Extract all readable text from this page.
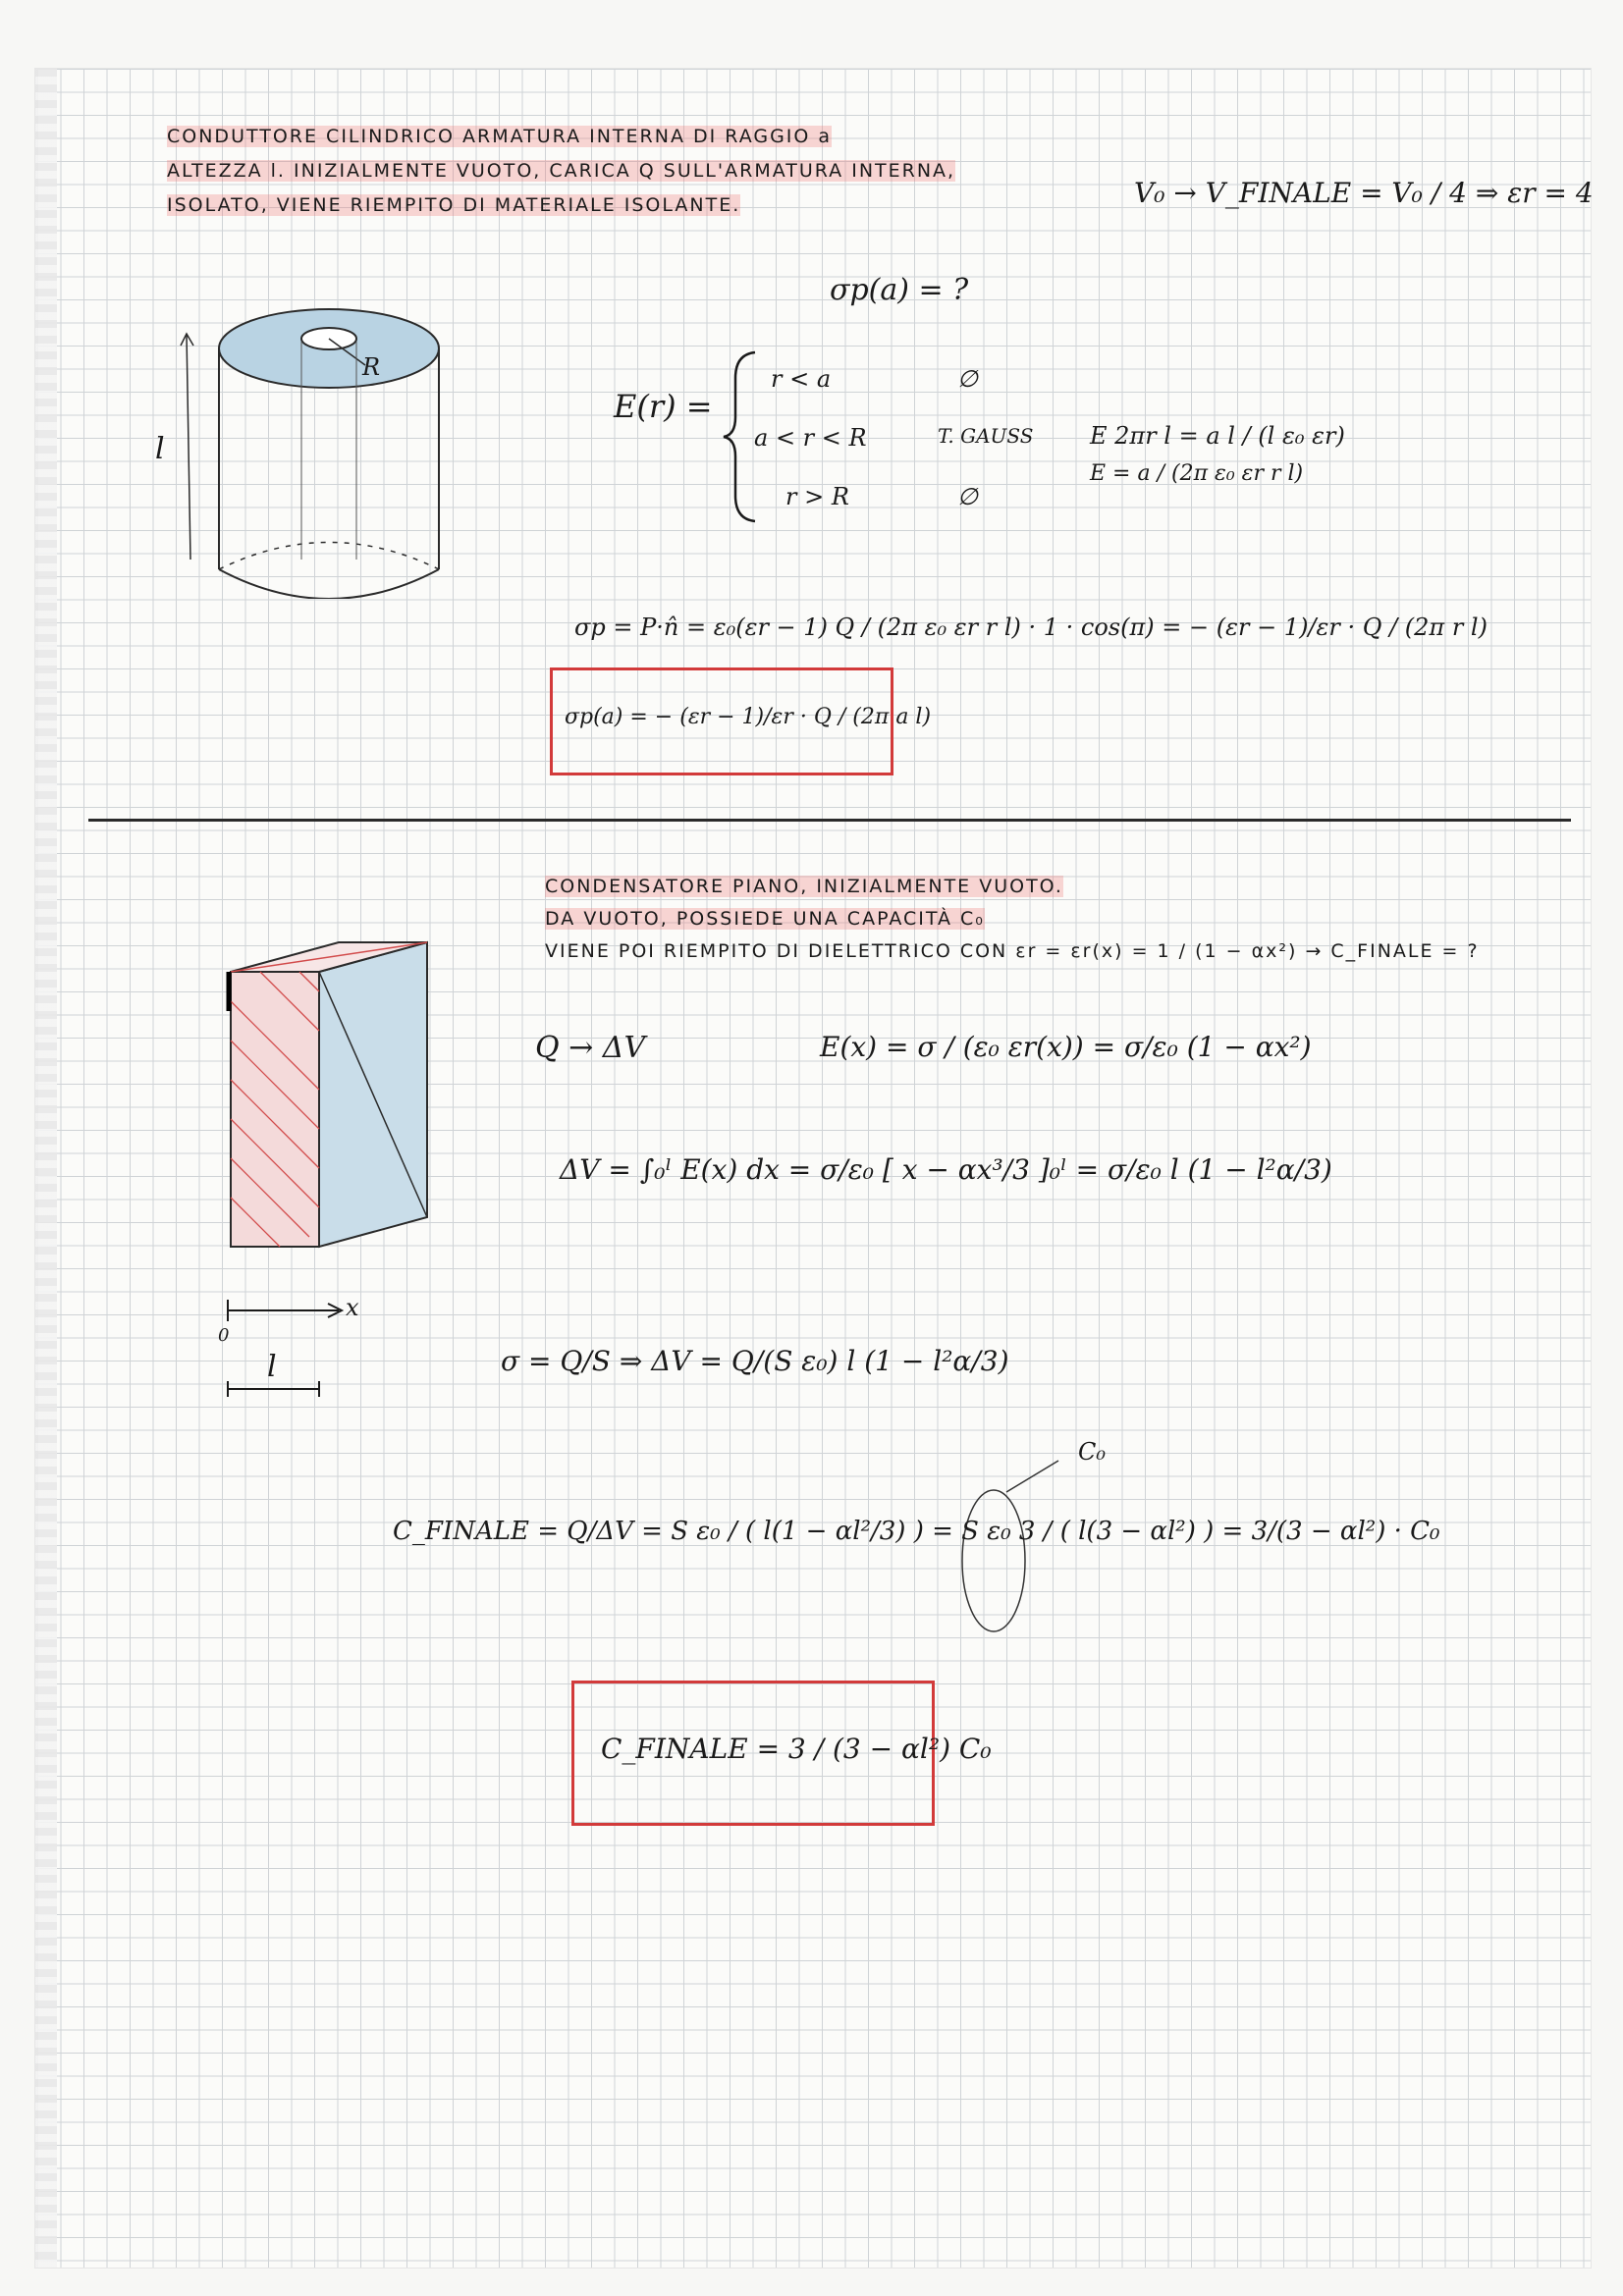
CONDUTTORE CILINDRICO ARMATURA INTERNA DI RAGGIO a
ALTEZZA l. INIZIALMENTE VUOTO, CARICA Q SULL'ARMATURA INTERNA,
ISOLATO, VIENE RIEMPITO DI MATERIALE ISOLANTE.	V₀ → V_FINALE = V₀ / 4 ⇒ εr = 4
σp(a) = ?
R
l
E(r) =
r < a	∅
a < r < R	T. GAUSS
r > R	∅
E 2πr l = a l / (l ε₀ εr)
E = a / (2π ε₀ εr r l)
σp = P·n̂ = ε₀(εr − 1) Q / (2π ε₀ εr r l) · 1 · cos(π) = − (εr − 1)/εr · Q / (2π r l)
σp(a) = − (εr − 1)/εr · Q / (2π a l)
CONDENSATORE PIANO, INIZIALMENTE VUOTO.
DA VUOTO, POSSIEDE UNA CAPACITÀ C₀
VIENE POI RIEMPITO DI DIELETTRICO CON εr = εr(x) = 1 / (1 − αx²) → C_FINALE = ?
x
0
l
Q → ΔV	E(x) = σ / (ε₀ εr(x)) = σ/ε₀ (1 − αx²)
ΔV = ∫₀ˡ E(x) dx = σ/ε₀ [ x − αx³/3 ]₀ˡ = σ/ε₀ l (1 − l²α/3)
σ = Q/S ⇒ ΔV = Q/(S ε₀) l (1 − l²α/3)
C₀
C_FINALE = Q/ΔV = S ε₀ / ( l(1 − αl²/3) ) = S ε₀ 3 / ( l(3 − αl²) ) = 3/(3 − αl²) · C₀
C_FINALE = 3 / (3 − αl²) C₀
